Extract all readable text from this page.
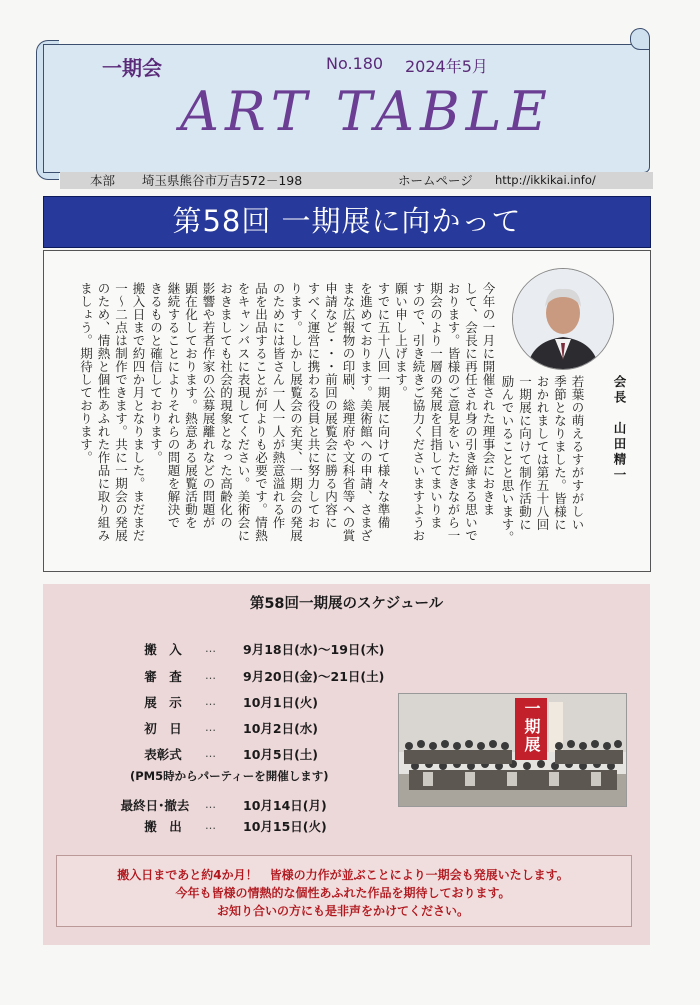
一期会	No.180 2024年5月
ART TABLE
本部 埼玉県熊谷市万吉572－198	ホームページ http://ikkikai.info/
第58回 一期展に向かって
若葉の萌えるすがすがしい
季節となりました。皆様に
おかれましては第五十八回
一期展に向けて制作活動に
励んでいることと思います。	会長　山田精一
今年の一月に開催された理事会におきま
して、会長に再任され身の引き締まる思いで
おります。皆様のご意見をいただきながら一
期会のより一層の発展を目指してまいりま
すので、引き続きご協力くださいますようお
願い申し上げます。
すでに五十八回一期展に向けて様々な準備
を進めております。美術館への申請、さまざ
まな広報物の印刷、総理府や文科省等への賞
申請など・・・前回の展覧会に勝る内容に
すべく運営に携わる役員と共に努力してお
ります。しかし展覧会の充実、一期会の発展
のためには皆さん一人一人が熱意溢れる作
品を出品することが何よりも必要です。情熱
をキャンバスに表現してください。美術会に
おきましても社会的現象となった高齢化の
影響や若者作家の公募展離れなどの問題が
顕在化しております。熱意ある展覧活動を
継続することによりそれらの問題を解決で
きるものと確信しております。
搬入日まで約四か月となりました。まだまだ
一～二点は制作できます。共に一期会の発展
のため、情熱と個性あふれた作品に取り組み
ましょう。期待しております。
第58回一期展のスケジュール
搬　入	… 9月18日(水)～19日(木)
審　査	… 9月20日(金)～21日(土)
展　示	… 10月1日(火)
初　日	… 10月2日(水)
表彰式	… 10月5日(土)
(PM5時からパーティーを開催します)
最終日･撤去	… 10月14日(月)
搬　出	… 10月15日(火)
一期展
搬入日まであと約4か月！　皆様の力作が並ぶことにより一期会も発展いたします。
今年も皆様の情熱的な個性あふれた作品を期待しております。
お知り合いの方にも是非声をかけてください。
